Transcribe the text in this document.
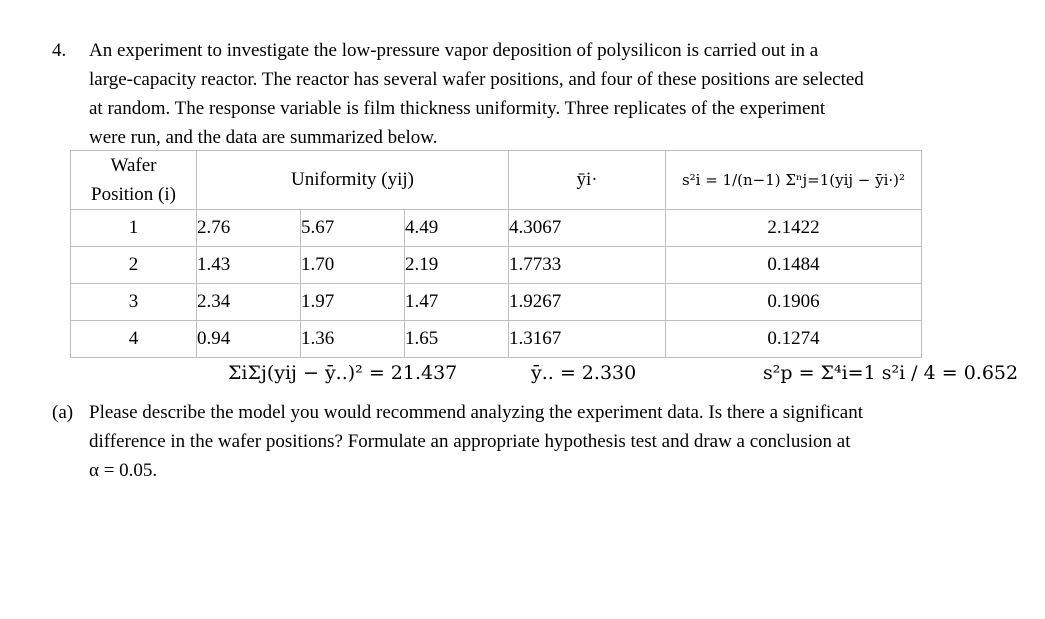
4. An experiment to investigate the low-pressure vapor deposition of polysilicon is carried out in a
large-capacity reactor. The reactor has several wafer positions, and four of these positions are selected
at random. The response variable is film thickness uniformity. Three replicates of the experiment
were run, and the data are summarized below.
Wafer
Position (i)	Uniformity (yij)			ȳi·	s²i = 1/(n−1) Σⁿj=1(yij − ȳi·)²
1	2.76	5.67	4.49	4.3067	2.1422
2	1.43	1.70	2.19	1.7733	0.1484
3	2.34	1.97	1.47	1.9267	0.1906
4	0.94	1.36	1.65	1.3167	0.1274
ΣiΣj(yij − ȳ..)² = 21.437	ȳ.. = 2.330	s²p = Σ⁴i=1 s²i / 4 = 0.652
(a) Please describe the model you would recommend analyzing the experiment data. Is there a significant
difference in the wafer positions? Formulate an appropriate hypothesis test and draw a conclusion at
α = 0.05.
